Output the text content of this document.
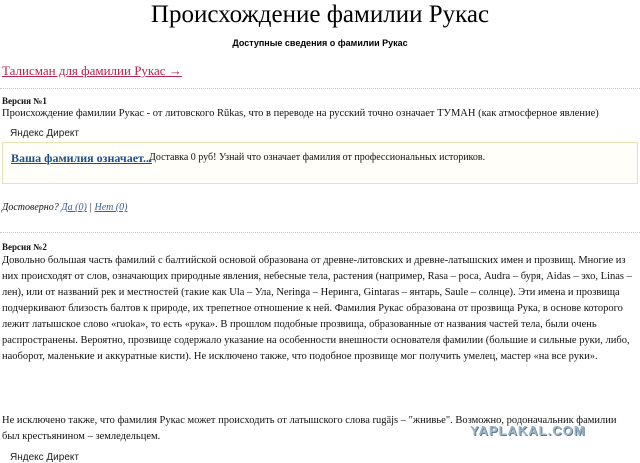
Происхождение фамилии Рукас
Доступные сведения о фамилии Рукас
Талисман для фамилии Рукас →
Версия №1
Происхождение фамилии Рукас - от литовского Rūkas, что в переводе на русский точно означает ТУМАН (как атмосферное явление)
Яндекс Директ
Ваша фамилия означает...
Доставка 0 руб! Узнай что означает фамилия от профессиональных историков.
Достоверно? Да (0) | Нет (0)
Версия №2
Довольно большая часть фамилий с балтийской основой образована от древне-литовских и древне-латышских имен и прозвищ. Многие из них происходят от слов, означающих природные явления, небесные тела, растения (например, Rasa – роса, Audra – буря, Aidas – эхо, Linas – лен), или от названий рек и местностей (такие как Ula – Ула, Neringa – Неринга, Gintaras – янтарь, Saule – солнце). Эти имена и прозвища подчеркивают близость балтов к природе, их трепетное отношение к ней. Фамилия Рукас образована от прозвища Рука, в основе которого лежит латышское слово «ruoka», то есть «рука». В прошлом подобные прозвища, образованные от названия частей тела, были очень распространены. Вероятно, прозвище содержало указание на особенности внешности основателя фамилии (большие и сильные руки, либо, наоборот, маленькие и аккуратные кисти). Не исключено также, что подобное прозвище мог получить умелец, мастер «на все руки».
Не исключено также, что фамилия Рукас может происходить от латышского слова rugājs – "жнивье". Возможно, родоначальник фамилии был крестьянином – земледельцем.
Яндекс Директ
YAPLAKAL.COM
